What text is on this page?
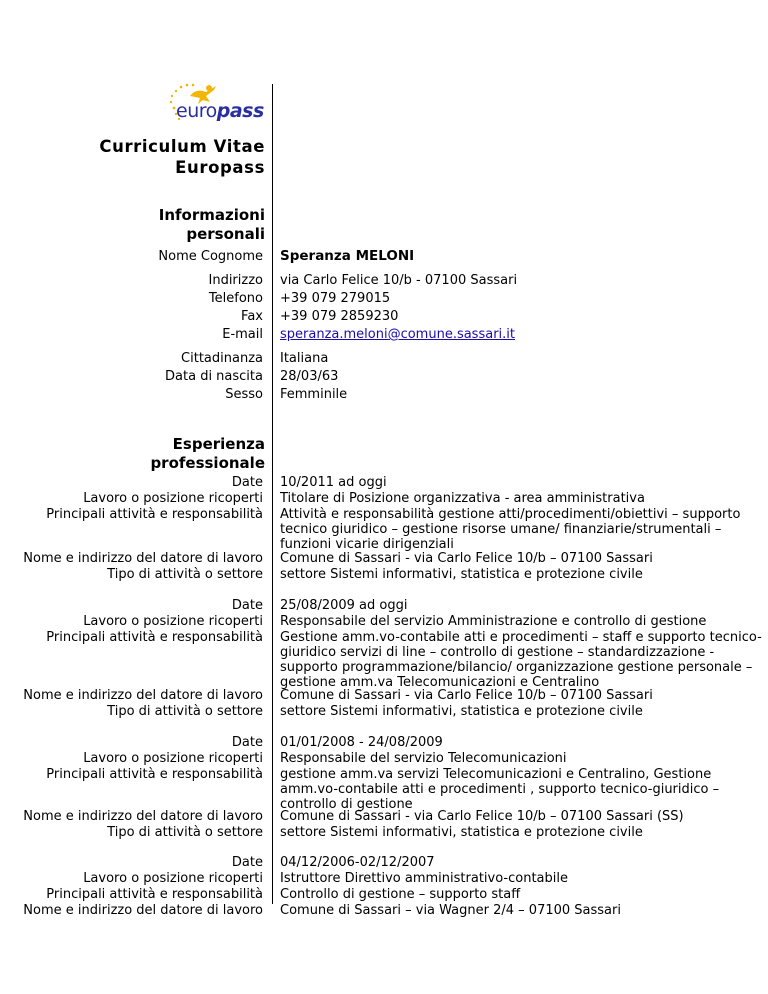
europass
Curriculum Vitae
Europass
Informazioni
personali
Nome Cognome Speranza MELONI
Indirizzo via Carlo Felice 10/b - 07100 Sassari
Telefono +39 079 279015
Fax +39 079 2859230
E-mail speranza.meloni@comune.sassari.it
Cittadinanza Italiana
Data di nascita 28/03/63
Sesso Femminile
Esperienza
professionale
Date 10/2011 ad oggi
Lavoro o posizione ricoperti Titolare di Posizione organizzativa - area amministrativa
Principali attività e responsabilità Attività e responsabilità gestione atti/procedimenti/obiettivi – supporto tecnico giuridico – gestione risorse umane/ finanziarie/strumentali – funzioni vicarie dirigenziali
Nome e indirizzo del datore di lavoro Comune di Sassari - via Carlo Felice 10/b – 07100 Sassari
Tipo di attività o settore settore Sistemi informativi, statistica e protezione civile
Date 25/08/2009 ad oggi
Lavoro o posizione ricoperti Responsabile del servizio Amministrazione e controllo di gestione
Principali attività e responsabilità Gestione amm.vo-contabile atti e procedimenti – staff e supporto tecnico-giuridico servizi di line – controllo di gestione – standardizzazione - supporto programmazione/bilancio/ organizzazione gestione personale – gestione amm.va Telecomunicazioni e Centralino
Nome e indirizzo del datore di lavoro Comune di Sassari - via Carlo Felice 10/b – 07100 Sassari
Tipo di attività o settore settore Sistemi informativi, statistica e protezione civile
Date 01/01/2008 - 24/08/2009
Lavoro o posizione ricoperti Responsabile del servizio Telecomunicazioni
Principali attività e responsabilità gestione amm.va servizi Telecomunicazioni e Centralino, Gestione amm.vo-contabile atti e procedimenti , supporto tecnico-giuridico – controllo di gestione
Nome e indirizzo del datore di lavoro Comune di Sassari - via Carlo Felice 10/b – 07100 Sassari (SS)
Tipo di attività o settore settore Sistemi informativi, statistica e protezione civile
Date 04/12/2006-02/12/2007
Lavoro o posizione ricoperti Istruttore Direttivo amministrativo-contabile
Principali attività e responsabilità Controllo di gestione – supporto staff
Nome e indirizzo del datore di lavoro Comune di Sassari – via Wagner 2/4 – 07100 Sassari
